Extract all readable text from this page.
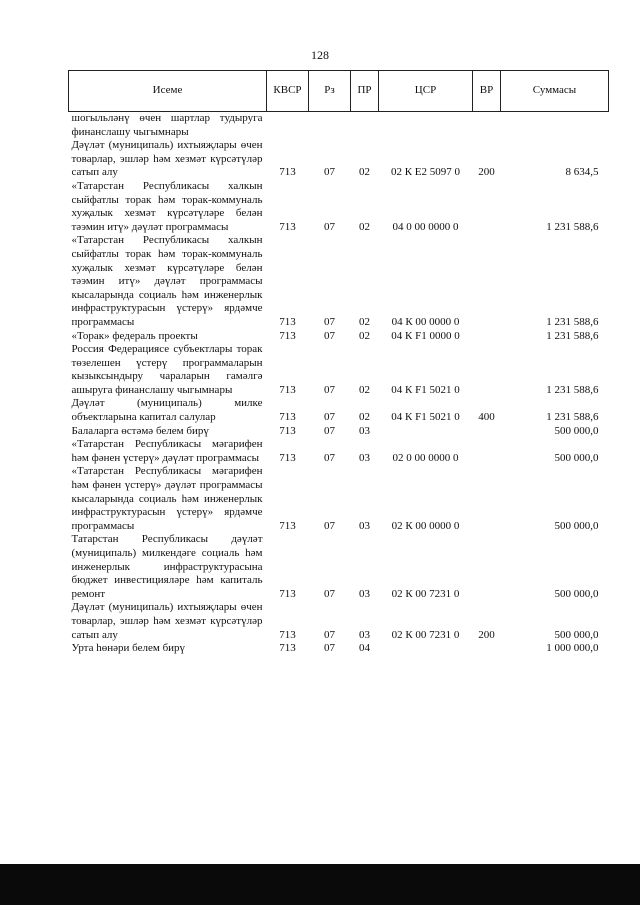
128
Исеме	КВСР	Рз	ПР	ЦСР	ВР	Суммасы
шогыльләнү өчен шартлар тудыруга финанслашу чыгымнары						
Дәүләт (муниципаль) ихтыяҗлары өчен товарлар, эшләр һәм хезмәт күрсәтүләр сатып алу	713	07	02	02 К E2 5097 0	200	8 634,5
«Татарстан Республикасы халкын сыйфатлы торак һәм торак-коммуналь хуҗалык хезмәт күрсәтүләре белән тәэмин итү» дәүләт программасы	713	07	02	04 0 00 0000 0		1 231 588,6
«Татарстан Республикасы халкын сыйфатлы торак һәм торак-коммуналь хуҗалык хезмәт күрсәтүләре белән тәэмин итү» дәүләт программасы кысаларында социаль һәм инженерлык инфраструктурасын үстерү» ярдәмче программасы	713	07	02	04 К 00 0000 0		1 231 588,6
«Торак» федераль проекты	713	07	02	04 К F1 0000 0		1 231 588,6
Россия Федерациясе субъектлары торак төзелешен үстерү программаларын кызыксындыру чараларын гамәлгә ашыруга финанслашу чыгымнары	713	07	02	04 К F1 5021 0		1 231 588,6
Дәүләт (муниципаль) милке объектларына капитал салулар	713	07	02	04 К F1 5021 0	400	1 231 588,6
Балаларга өстәмә белем бирү	713	07	03			500 000,0
«Татарстан Республикасы мәгарифен һәм фәнен үстерү» дәүләт программасы	713	07	03	02 0 00 0000 0		500 000,0
«Татарстан Республикасы мәгарифен һәм фәнен үстерү» дәүләт программасы кысаларында социаль һәм инженерлык инфраструктурасын үстерү» ярдәмче программасы	713	07	03	02 К 00 0000 0		500 000,0
Татарстан Республикасы дәүләт (муниципаль) милкендәге социаль һәм инженерлык инфраструктурасына бюджет инвестицияләре һәм капиталь ремонт	713	07	03	02 К 00 7231 0		500 000,0
Дәүләт (муниципаль) ихтыяҗлары өчен товарлар, эшләр һәм хезмәт күрсәтүләр сатып алу	713	07	03	02 К 00 7231 0	200	500 000,0
Урта һөнәри белем бирү	713	07	04			1 000 000,0
